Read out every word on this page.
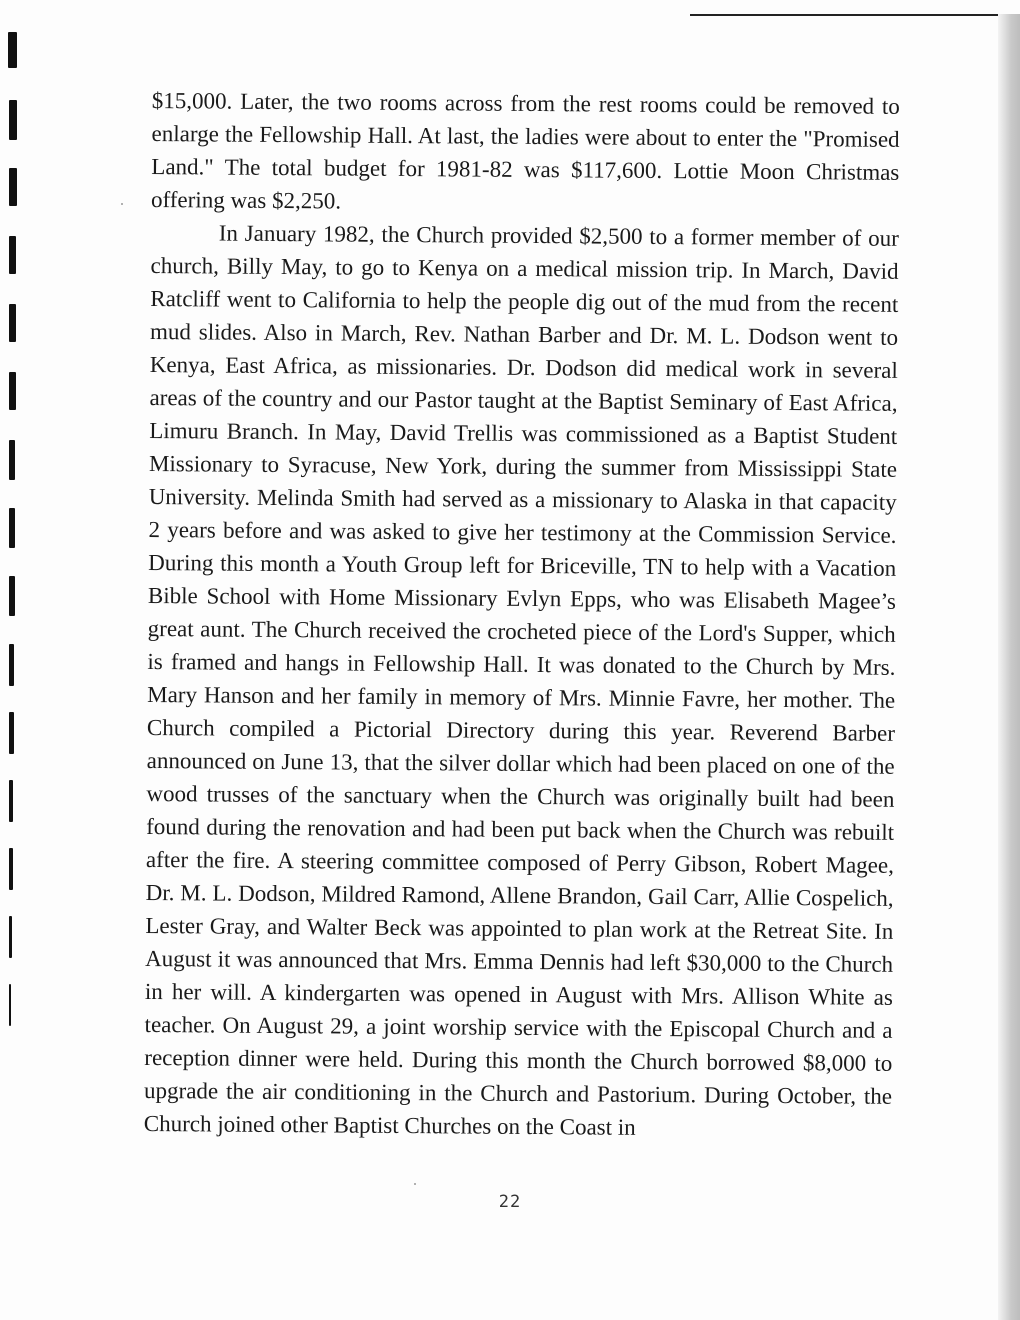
$15,000. Later, the two rooms across from the rest rooms could be removed to enlarge the Fellowship Hall. At last, the ladies were about to enter the "Promised Land." The total budget for 1981-82 was $117,600. Lottie Moon Christmas offering was $2,250.

In January 1982, the Church provided $2,500 to a former member of our church, Billy May, to go to Kenya on a medical mission trip. In March, David Ratcliff went to California to help the people dig out of the mud from the recent mud slides. Also in March, Rev. Nathan Barber and Dr. M. L. Dodson went to Kenya, East Africa, as missionaries. Dr. Dodson did medical work in several areas of the country and our Pastor taught at the Baptist Seminary of East Africa, Limuru Branch. In May, David Trellis was commissioned as a Baptist Student Missionary to Syracuse, New York, during the summer from Mississippi State University. Melinda Smith had served as a missionary to Alaska in that capacity 2 years before and was asked to give her testimony at the Commission Service. During this month a Youth Group left for Briceville, TN to help with a Vacation Bible School with Home Missionary Evlyn Epps, who was Elisabeth Magee’s great aunt. The Church received the crocheted piece of the Lord's Supper, which is framed and hangs in Fellowship Hall. It was donated to the Church by Mrs. Mary Hanson and her family in memory of Mrs. Minnie Favre, her mother. The Church compiled a Pictorial Directory during this year. Reverend Barber announced on June 13, that the silver dollar which had been placed on one of the wood trusses of the sanctuary when the Church was originally built had been found during the renovation and had been put back when the Church was rebuilt after the fire. A steering committee composed of Perry Gibson, Robert Magee, Dr. M. L. Dodson, Mildred Ramond, Allene Brandon, Gail Carr, Allie Cospelich, Lester Gray, and Walter Beck was appointed to plan work at the Retreat Site. In August it was announced that Mrs. Emma Dennis had left $30,000 to the Church in her will. A kindergarten was opened in August with Mrs. Allison White as teacher. On August 29, a joint worship service with the Episcopal Church and a reception dinner were held. During this month the Church borrowed $8,000 to upgrade the air conditioning in the Church and Pastorium. During October, the Church joined other Baptist Churches on the Coast in

22
